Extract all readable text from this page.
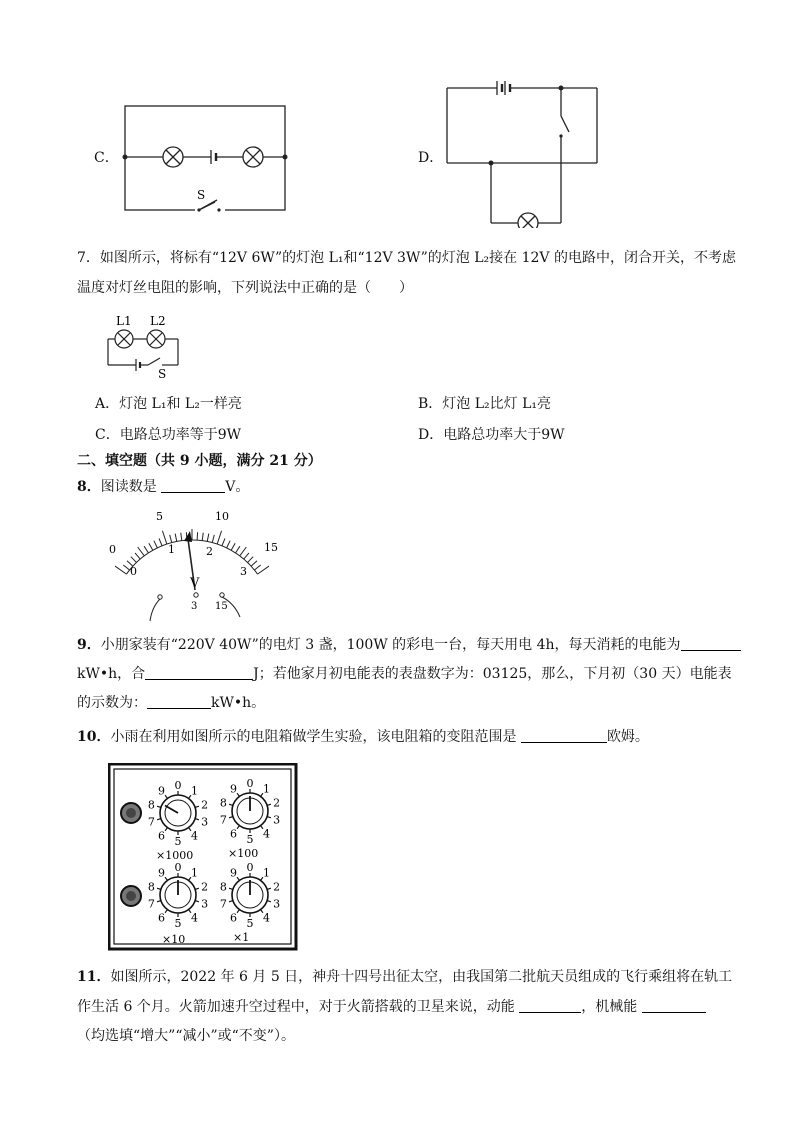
C．
S
D．
7．如图所示，将标有“12V 6W”的灯泡 L₁和“12V 3W”的灯泡 L₂接在 12V 的电路中，闭合开关，不考虑
温度对灯丝电阻的影响，下列说法中正确的是（　　）
L1 L2
S
A．灯泡 L₁和 L₂一样亮	B．灯泡 L₂比灯 L₁亮
C．电路总功率等于9W	D．电路总功率大于9W
二、填空题（共 9 小题，满分 21 分）
8．图读数是	V。
0
5	10
15
0
1	2
3
V
3 15
9．小朋家装有“220V 40W”的电灯 3 盏，100W 的彩电一台，每天用电 4h，每天消耗的电能为
kW•h，合	J；若他家月初电能表的表盘数字为：03125，那么，下月初（30 天）电能表
的示数为：	kW•h。
10．小雨在利用如图所示的电阻箱做学生实验，该电阻箱的变阻范围是	欧姆。
0 1
2
3
4
5
6
7
8
9
0 1
2
3
4
5
6
7
8
9
0 1
2
3
4
5
6
7
8
9	0 1
2
3
4
5
6
7
8
9
×1000	×100
×10	×1
11．如图所示，2022 年 6 月 5 日，神舟十四号出征太空，由我国第二批航天员组成的飞行乘组将在轨工
作生活 6 个月。火箭加速升空过程中，对于火箭搭载的卫星来说，动能	，机械能
（均选填“增大”“减小”或“不变”）。
